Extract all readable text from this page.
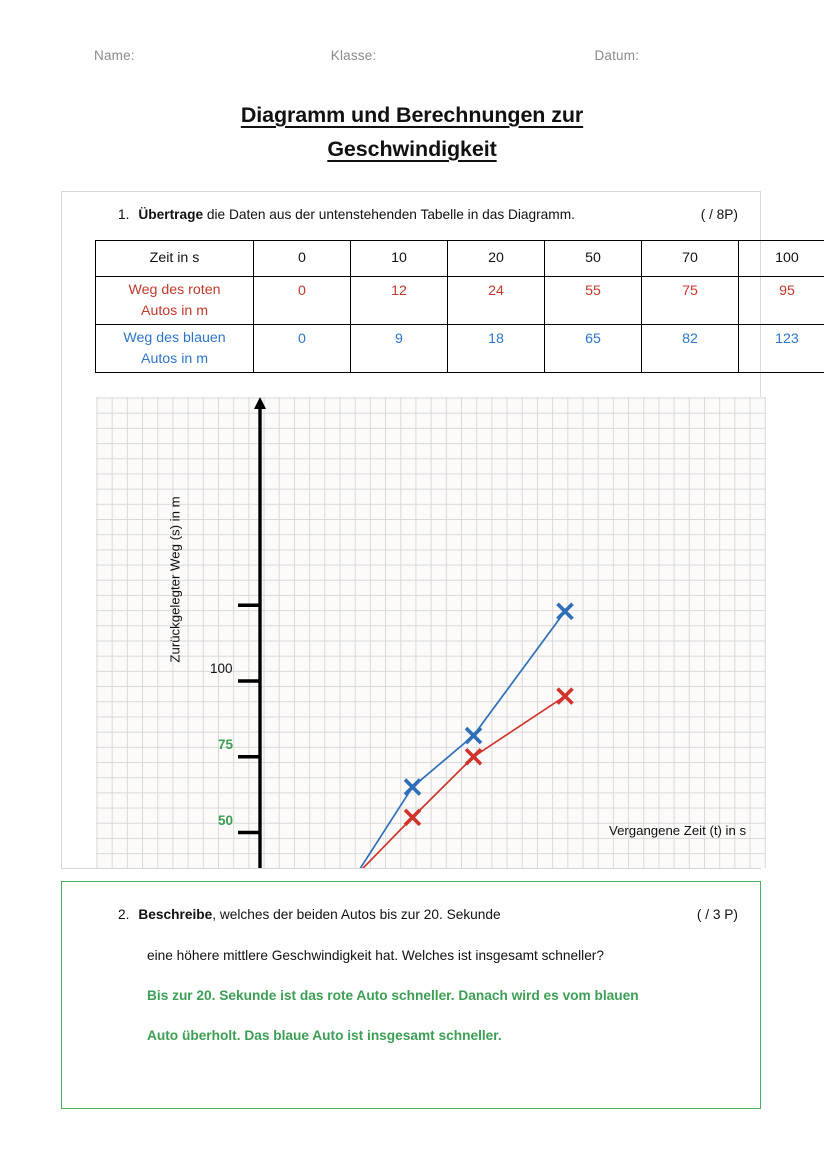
Name:	Klasse:	Datum:
Diagramm und Berechnungen zur
Geschwindigkeit
1. Übertrage die Daten aus der untenstehenden Tabelle in das Diagramm.	( / 8P)
Zeit in s	0	10	20	50	70	100
Weg des roten
Autos in m	0	12	24	55	75	95
Weg des blauen
Autos in m	0	9	18	65	82	123
Zurückgelegter Weg (s) in m
Vergangene Zeit (t) in s
50
75
100
2. Beschreibe, welches der beiden Autos bis zur 20. Sekunde	( / 3 P)
eine höhere mittlere Geschwindigkeit hat. Welches ist insgesamt schneller?
Bis zur 20. Sekunde ist das rote Auto schneller. Danach wird es vom blauen
Auto überholt. Das blaue Auto ist insgesamt schneller.
